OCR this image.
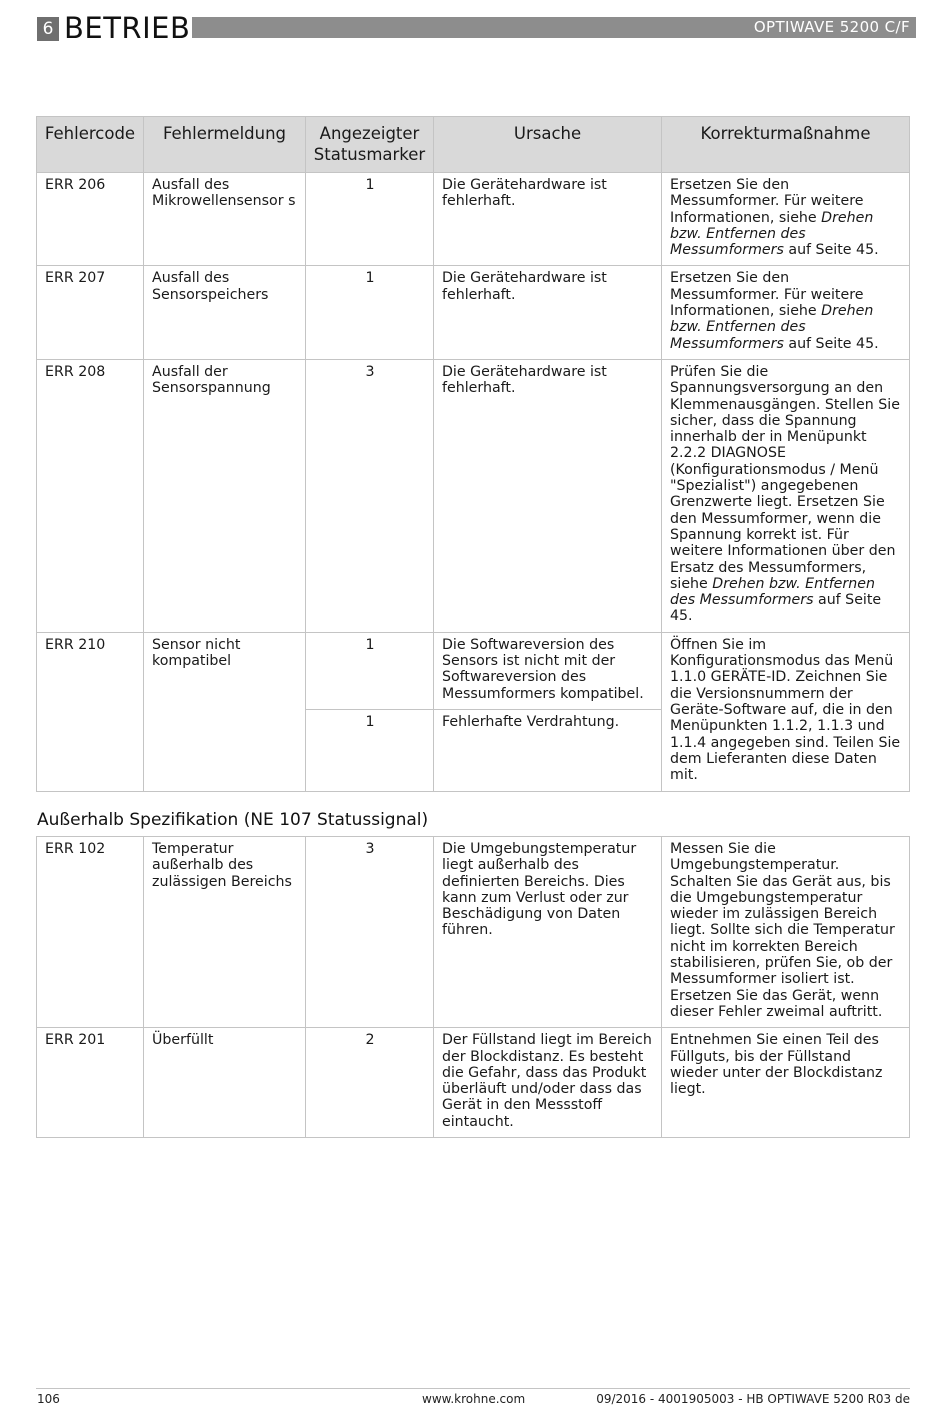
6 BETRIEB	OPTIWAVE 5200 C/F
Fehlercode	Fehlermeldung	Angezeigter Statusmarker	Ursache	Korrekturmaßnahme
ERR 206	Ausfall des Mikrowellensensor s	1	Die Gerätehardware ist fehlerhaft.	Ersetzen Sie den Messumformer. Für weitere Informationen, siehe Drehen bzw. Entfernen des Messumformers auf Seite 45.
ERR 207	Ausfall des Sensorspeichers	1	Die Gerätehardware ist fehlerhaft.	Ersetzen Sie den Messumformer. Für weitere Informationen, siehe Drehen bzw. Entfernen des Messumformers auf Seite 45.
ERR 208	Ausfall der Sensorspannung	3	Die Gerätehardware ist fehlerhaft.	Prüfen Sie die Spannungsversorgung an den Klemmenausgängen. Stellen Sie sicher, dass die Spannung innerhalb der in Menüpunkt 2.2.2 DIAGNOSE (Konfigurationsmodus / Menü "Spezialist") angegebenen Grenzwerte liegt. Ersetzen Sie den Messumformer, wenn die Spannung korrekt ist. Für weitere Informationen über den Ersatz des Messumformers, siehe Drehen bzw. Entfernen des Messumformers auf Seite 45.
ERR 210	Sensor nicht kompatibel	1	Die Softwareversion des Sensors ist nicht mit der Softwareversion des Messumformers kompatibel.	Öffnen Sie im Konfigurationsmodus das Menü 1.1.0 GERÄTE-ID. Zeichnen Sie die Versionsnummern der Geräte-Software auf, die in den Menüpunkten 1.1.2, 1.1.3 und 1.1.4 angegeben sind. Teilen Sie dem Lieferanten diese Daten mit.
		1	Fehlerhafte Verdrahtung.	
Außerhalb Spezifikation (NE 107 Statussignal)
ERR 102	Temperatur außerhalb des zulässigen Bereichs	3	Die Umgebungstemperatur liegt außerhalb des definierten Bereichs. Dies kann zum Verlust oder zur Beschädigung von Daten führen.	Messen Sie die Umgebungstemperatur. Schalten Sie das Gerät aus, bis die Umgebungstemperatur wieder im zulässigen Bereich liegt. Sollte sich die Temperatur nicht im korrekten Bereich stabilisieren, prüfen Sie, ob der Messumformer isoliert ist. Ersetzen Sie das Gerät, wenn dieser Fehler zweimal auftritt.
ERR 201	Überfüllt	2	Der Füllstand liegt im Bereich der Blockdistanz. Es besteht die Gefahr, dass das Produkt überläuft und/oder dass das Gerät in den Messstoff eintaucht.	Entnehmen Sie einen Teil des Füllguts, bis der Füllstand wieder unter der Blockdistanz liegt.
106	www.krohne.com	09/2016 - 4001905003 - HB OPTIWAVE 5200 R03 de
